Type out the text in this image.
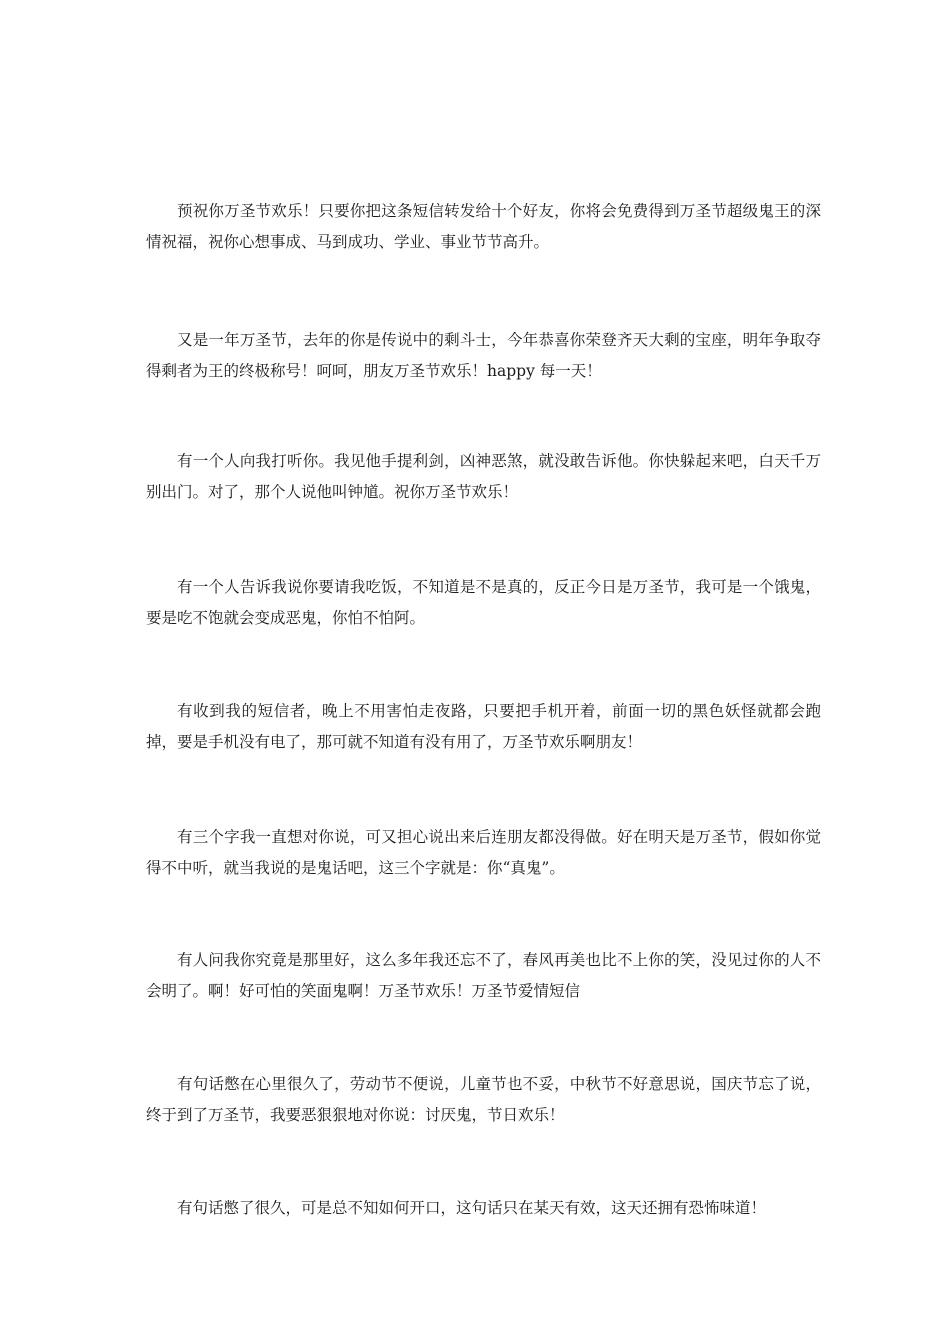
预祝你万圣节欢乐！只要你把这条短信转发给十个好友，你将会免费得到万圣节超级鬼王的深情祝福，祝你心想事成、马到成功、学业、事业节节高升。

又是一年万圣节，去年的你是传说中的剩斗士，今年恭喜你荣登齐天大剩的宝座，明年争取夺得剩者为王的终极称号！呵呵，朋友万圣节欢乐！happy 每一天！

有一个人向我打听你。我见他手提利剑，凶神恶煞，就没敢告诉他。你快躲起来吧，白天千万别出门。对了，那个人说他叫钟馗。祝你万圣节欢乐！

有一个人告诉我说你要请我吃饭，不知道是不是真的，反正今日是万圣节，我可是一个饿鬼，要是吃不饱就会变成恶鬼，你怕不怕阿。

有收到我的短信者，晚上不用害怕走夜路，只要把手机开着，前面一切的黑色妖怪就都会跑掉，要是手机没有电了，那可就不知道有没有用了，万圣节欢乐啊朋友！

有三个字我一直想对你说，可又担心说出来后连朋友都没得做。好在明天是万圣节，假如你觉得不中听，就当我说的是鬼话吧，这三个字就是：你“真鬼”。

有人问我你究竟是那里好，这么多年我还忘不了，春风再美也比不上你的笑，没见过你的人不会明了。啊！好可怕的笑面鬼啊！万圣节欢乐！万圣节爱情短信

有句话憋在心里很久了，劳动节不便说，儿童节也不妥，中秋节不好意思说，国庆节忘了说，终于到了万圣节，我要恶狠狠地对你说：讨厌鬼，节日欢乐！

有句话憋了很久，可是总不知如何开口，这句话只在某天有效，这天还拥有恐怖味道！
